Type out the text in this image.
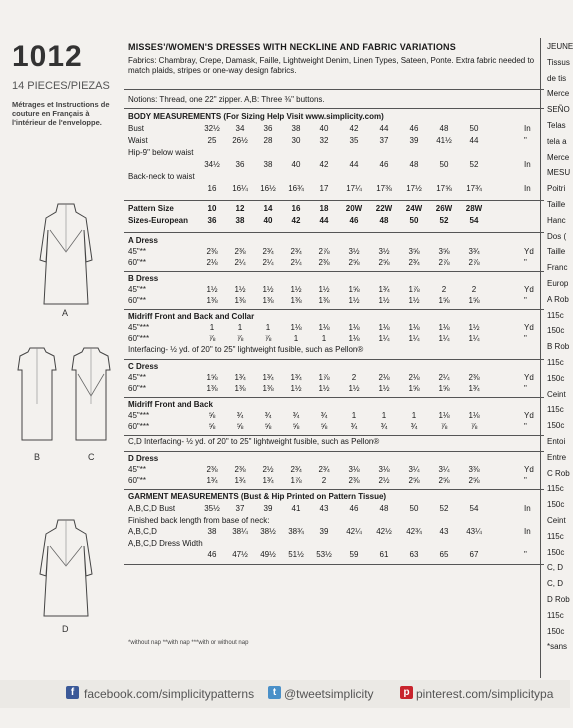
1012
14 PIECES/PIEZAS
Métrages et Instructions de couture en Français à l'intérieur de l'enveloppe.
A
B	C
D
MISSES'/WOMEN'S DRESSES WITH NECKLINE AND FABRIC VARIATIONS
Fabrics: Chambray, Crepe, Damask, Faille, Lightweight Denim, Linen Types, Sateen, Ponte. Extra fabric needed to match plaids, stripes or one-way design fabrics.
Notions: Thread, one 22" zipper. A,B: Three ⅜" buttons.
BODY MEASUREMENTS (For Sizing Help Visit www.simplicity.com)
Bust	32½	34	36	38	40	42	44	46	48	50	In
Waist	25	26½	28	30	32	35	37	39	41½	44	"
Hip-9" below waist
34½	36	38	40	42	44	46	48	50	52	In
Back-neck to waist
16	16¼	16½	16¾	17	17¼	17⅜	17½	17⅝	17¾	In
Pattern Size	10	12	14	16	18	20W	22W	24W	26W	28W
Sizes-European	36	38	40	42	44	46	48	50	52	54
A Dress
45"**	2⅜	2⅜	2¾	2¾	2⅞	3½	3½	3⅝	3⅝	3¾	Yd
60"**	2⅛	2¼	2¼	2¼	2⅜	2⅝	2⅝	2¾	2⅞	2⅞	"
B Dress
45"**	1½	1½	1½	1½	1½	1⅝	1¾	1⅞	2	2	Yd
60"**	1⅜	1⅜	1⅜	1⅜	1⅜	1½	1½	1½	1⅝	1⅝	"
Midriff Front and Back and Collar
45"***	1	1	1	1⅛	1⅛	1⅛	1⅛	1⅛	1⅛	1½	Yd
60"***	⅞	⅞	⅞	1	1	1⅛	1¼	1¼	1¼	1¼	"
Interfacing- ½ yd. of 20" to 25" lightweight fusible, such as Pellon®
C Dress
45"**	1⅝	1¾	1¾	1¾	1⅞	2	2⅛	2⅛	2¼	2⅜	Yd
60"**	1⅜	1⅜	1⅜	1½	1½	1½	1½	1⅝	1⅝	1¾	"
Midriff Front and Back
45"***	⅝	¾	¾	¾	¾	1	1	1	1⅛	1⅛	Yd
60"***	⅝	⅝	⅝	⅝	⅝	¾	¾	¾	⅞	⅞	"
C,D Interfacing- ½ yd. of 20" to 25" lightweight fusible, such as Pellon®
D Dress
45"**	2⅜	2⅜	2½	2¾	2¾	3⅛	3⅛	3¼	3¼	3⅜	Yd
60"**	1¾	1¾	1¾	1⅞	2	2⅜	2½	2⅝	2⅝	2⅝	"
GARMENT MEASUREMENTS (Bust & Hip Printed on Pattern Tissue)
A,B,C,D Bust	35½	37	39	41	43	46	48	50	52	54	In
Finished back length from base of neck:
A,B,C,D	38	38¼	38½	38¾	39	42¼	42½	42¾	43	43¼	In
A,B,C,D Dress Width
46	47½	49½	51½	53½	59	61	63	65	67	"
*without nap **with nap ***with or without nap
JEUNE
Tissus
de tis
Merce
SEÑO
Telas
tela a
Merce
MESU
Poitri
Taille
Hanc
Dos (
Taille
Franc
Europ
A Rob
115c
150c
B Rob
115c
150c
Ceint
115c
150c
Entoi
Entre
C Rob
115c
150c
Ceint
115c
150c
C, D
C, D
D Rob
115c
150c
*sans
f facebook.com/simplicitypatterns	t @tweetsimplicity	p pinterest.com/simplicitypa
